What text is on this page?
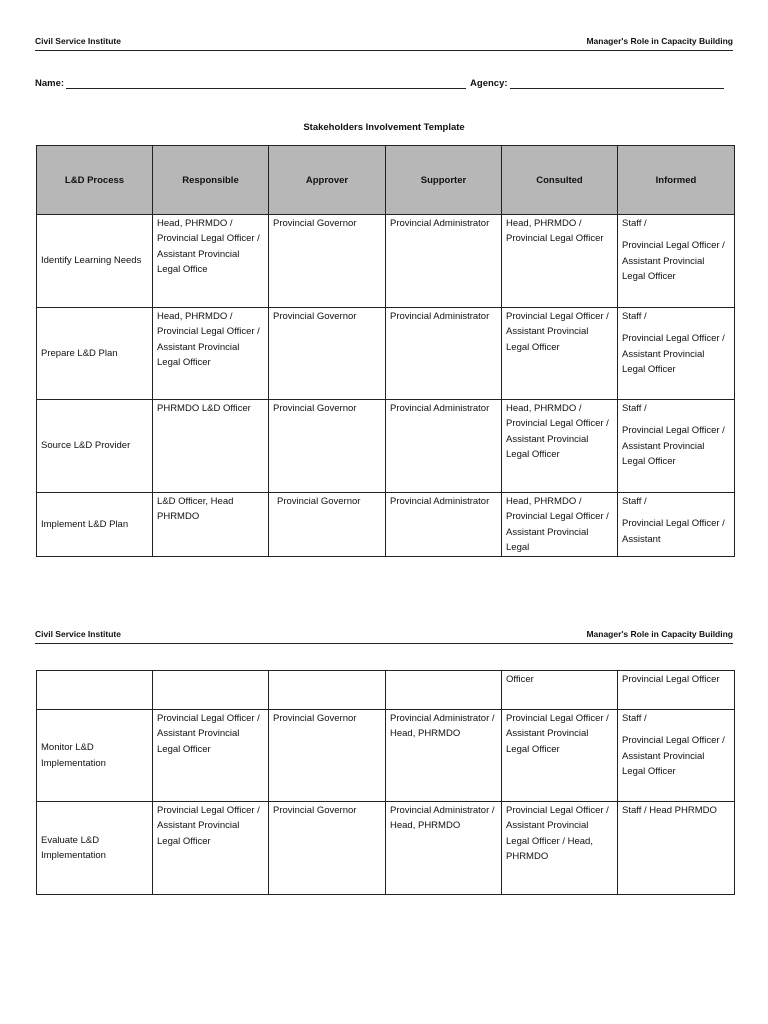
Civil Service Institute	Manager's Role in Capacity Building
Name:	Agency:
Stakeholders Involvement Template
L&D Process	Responsible	Approver	Supporter	Consulted	Informed
Identify Learning Needs	Head, PHRMDO / Provincial Legal Officer / Assistant Provincial Legal Office	Provincial Governor	Provincial Administrator	Head, PHRMDO / Provincial Legal Officer	Staff /
Provincial Legal Officer / Assistant Provincial Legal Officer

Prepare L&D Plan	Head, PHRMDO / Provincial Legal Officer / Assistant Provincial Legal Officer	Provincial Governor	Provincial Administrator	Provincial Legal Officer / Assistant Provincial Legal Officer	Staff /
Provincial Legal Officer / Assistant Provincial Legal Officer

Source L&D Provider	PHRMDO L&D Officer	Provincial Governor	Provincial Administrator	Head, PHRMDO / Provincial Legal Officer / Assistant Provincial Legal Officer	Staff /
Provincial Legal Officer / Assistant Provincial Legal Officer

Implement L&D Plan	L&D Officer, Head PHRMDO	Provincial Governor	Provincial Administrator	Head, PHRMDO / Provincial Legal Officer / Assistant Provincial Legal	Staff /
Provincial Legal Officer / Assistant
Civil Service Institute	Manager's Role in Capacity Building

				Officer	Provincial Legal Officer

Monitor L&D Implementation	Provincial Legal Officer / Assistant Provincial Legal Officer	Provincial Governor	Provincial Administrator / Head, PHRMDO	Provincial Legal Officer / Assistant Provincial Legal Officer	Staff /
Provincial Legal Officer / Assistant Provincial Legal Officer

Evaluate L&D Implementation	Provincial Legal Officer / Assistant Provincial Legal Officer	Provincial Governor	Provincial Administrator / Head, PHRMDO	Provincial Legal Officer / Assistant Provincial Legal Officer / Head, PHRMDO	Staff / Head PHRMDO
